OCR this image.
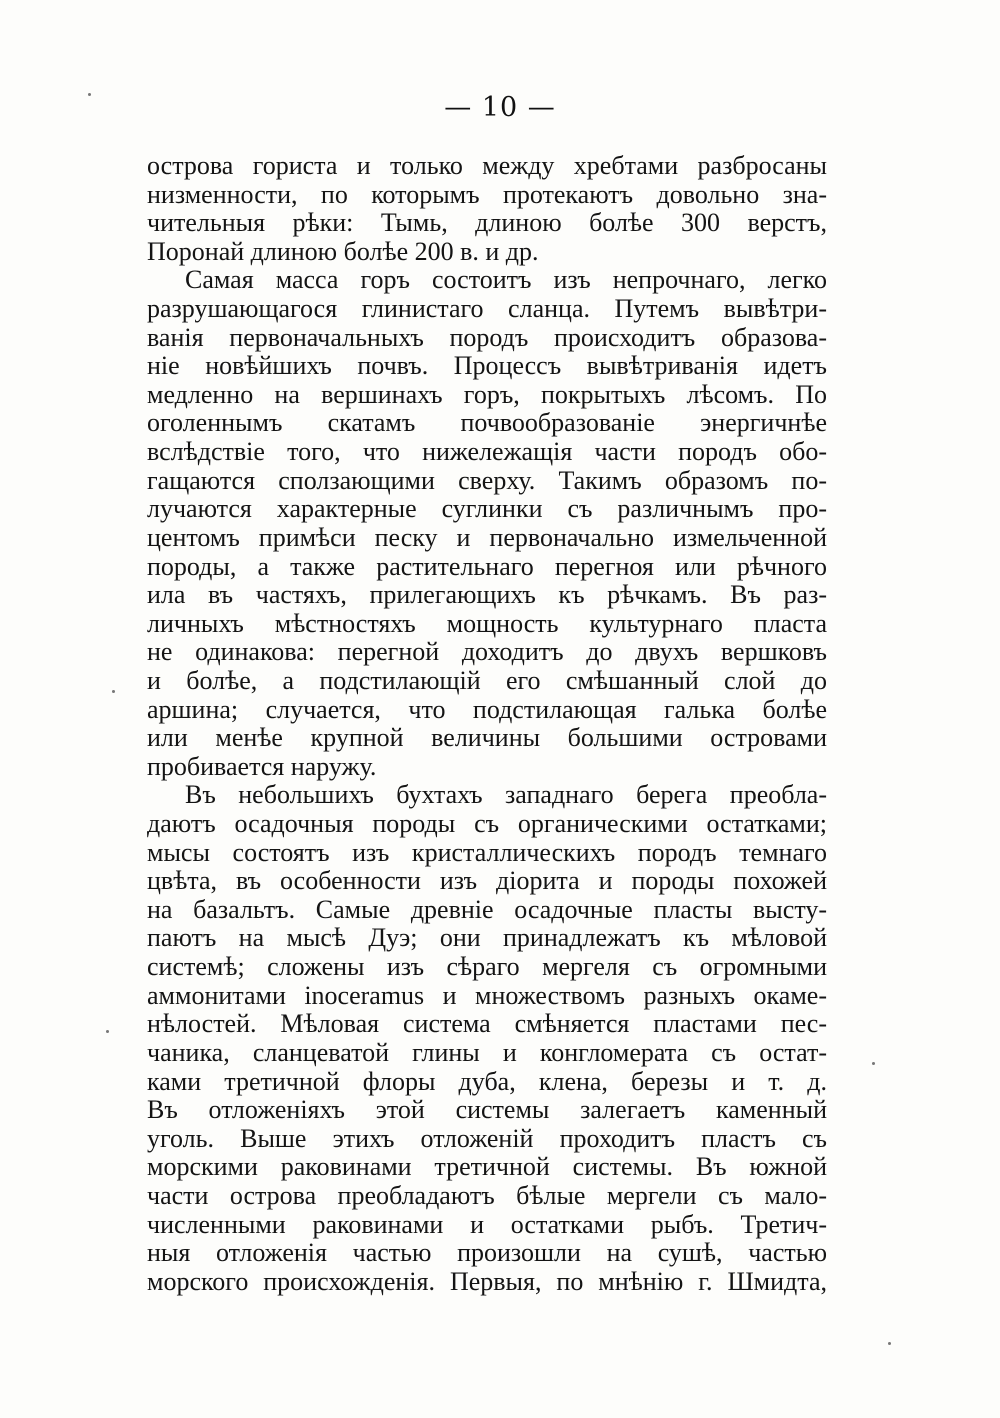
— 10 —
острова гориста и только между хребтами разбросаны
низменности, по которымъ протекаютъ довольно зна-
чительныя рѣки: Тымь, длиною болѣе 300 верстъ,
Поронай длиною болѣе 200 в. и др.
Самая масса горъ состоитъ изъ непрочнаго, легко
разрушающагося глинистаго сланца. Путемъ вывѣтри-
ванія первоначальныхъ породъ происходитъ образова-
ніе новѣйшихъ почвъ. Процессъ вывѣтриванія идетъ
медленно на вершинахъ горъ, покрытыхъ лѣсомъ. По
оголеннымъ скатамъ почвообразованіе энергичнѣе
вслѣдствіе того, что нижележащія части породъ обо-
гащаются сползающими сверху. Такимъ образомъ по-
лучаются характерные суглинки съ различнымъ про-
центомъ примѣси песку и первоначально измельченной
породы, а также растительнаго перегноя или рѣчного
ила въ частяхъ, прилегающихъ къ рѣчкамъ. Въ раз-
личныхъ мѣстностяхъ мощность культурнаго пласта
не одинакова: перегной доходитъ до двухъ вершковъ
и болѣе, а подстилающій его смѣшанный слой до
аршина; случается, что подстилающая галька болѣе
или менѣе крупной величины большими островами
пробивается наружу.
Въ небольшихъ бухтахъ западнаго берега преобла-
даютъ осадочныя породы съ органическими остатками;
мысы состоятъ изъ кристаллическихъ породъ темнаго
цвѣта, въ особенности изъ діорита и породы похожей
на базальтъ. Самые древніе осадочные пласты высту-
паютъ на мысѣ Дуэ; они принадлежатъ къ мѣловой
системѣ; сложены изъ сѣраго мергеля съ огромными
аммонитами inoceramus и множествомъ разныхъ окаме-
нѣлостей. Мѣловая система смѣняется пластами пес-
чаника, сланцеватой глины и конгломерата съ остат-
ками третичной флоры дуба, клена, березы и т. д.
Въ отложеніяхъ этой системы залегаетъ каменный
уголь. Выше этихъ отложеній проходитъ пластъ съ
морскими раковинами третичной системы. Въ южной
части острова преобладаютъ бѣлые мергели съ мало-
численными раковинами и остатками рыбъ. Третич-
ныя отложенія частью произошли на сушѣ, частью
морского происхожденія. Первыя, по мнѣнію г. Шмидта,
